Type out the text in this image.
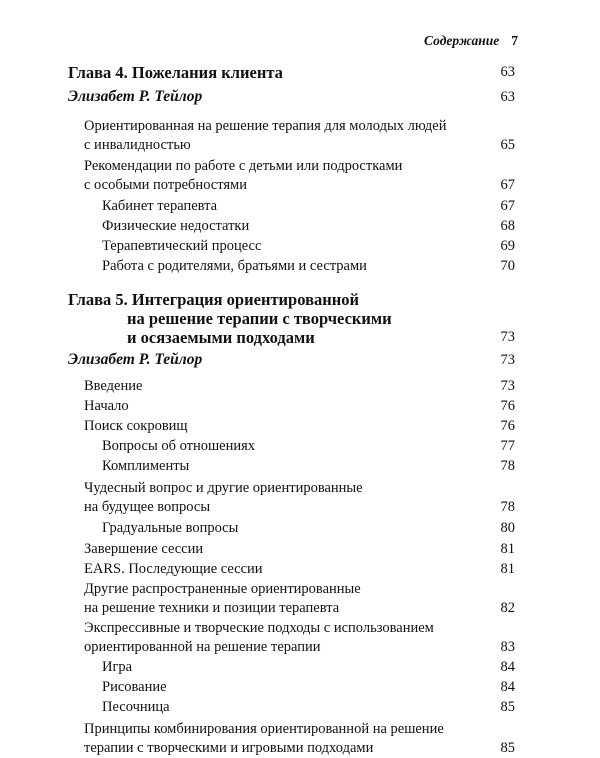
Содержание 7
Глава 4. Пожелания клиента	63
Элизабет Р. Тейлор	63
Ориентированная на решение терапия для молодых людей
с инвалидностью	65
Рекомендации по работе с детьми или подростками
с особыми потребностями	67
Кабинет терапевта	67
Физические недостатки	68
Терапевтический процесс	69
Работа с родителями, братьями и сестрами	70
Глава 5. Интеграция ориентированной

на решение терапии с творческими
и осязаемыми подходами	73
Элизабет Р. Тейлор	73
Введение	73
Начало	76
Поиск сокровищ	76
Вопросы об отношениях	77
Комплименты	78
Чудесный вопрос и другие ориентированные
на будущее вопросы	78
Градуальные вопросы	80
Завершение сессии	81
EARS. Последующие сессии	81
Другие распространенные ориентированные
на решение техники и позиции терапевта	82
Экспрессивные и творческие подходы с использованием
ориентированной на решение терапии	83
Игра	84
Рисование	84
Песочница	85
Принципы комбинирования ориентированной на решение
терапии с творческими и игровыми подходами	85
